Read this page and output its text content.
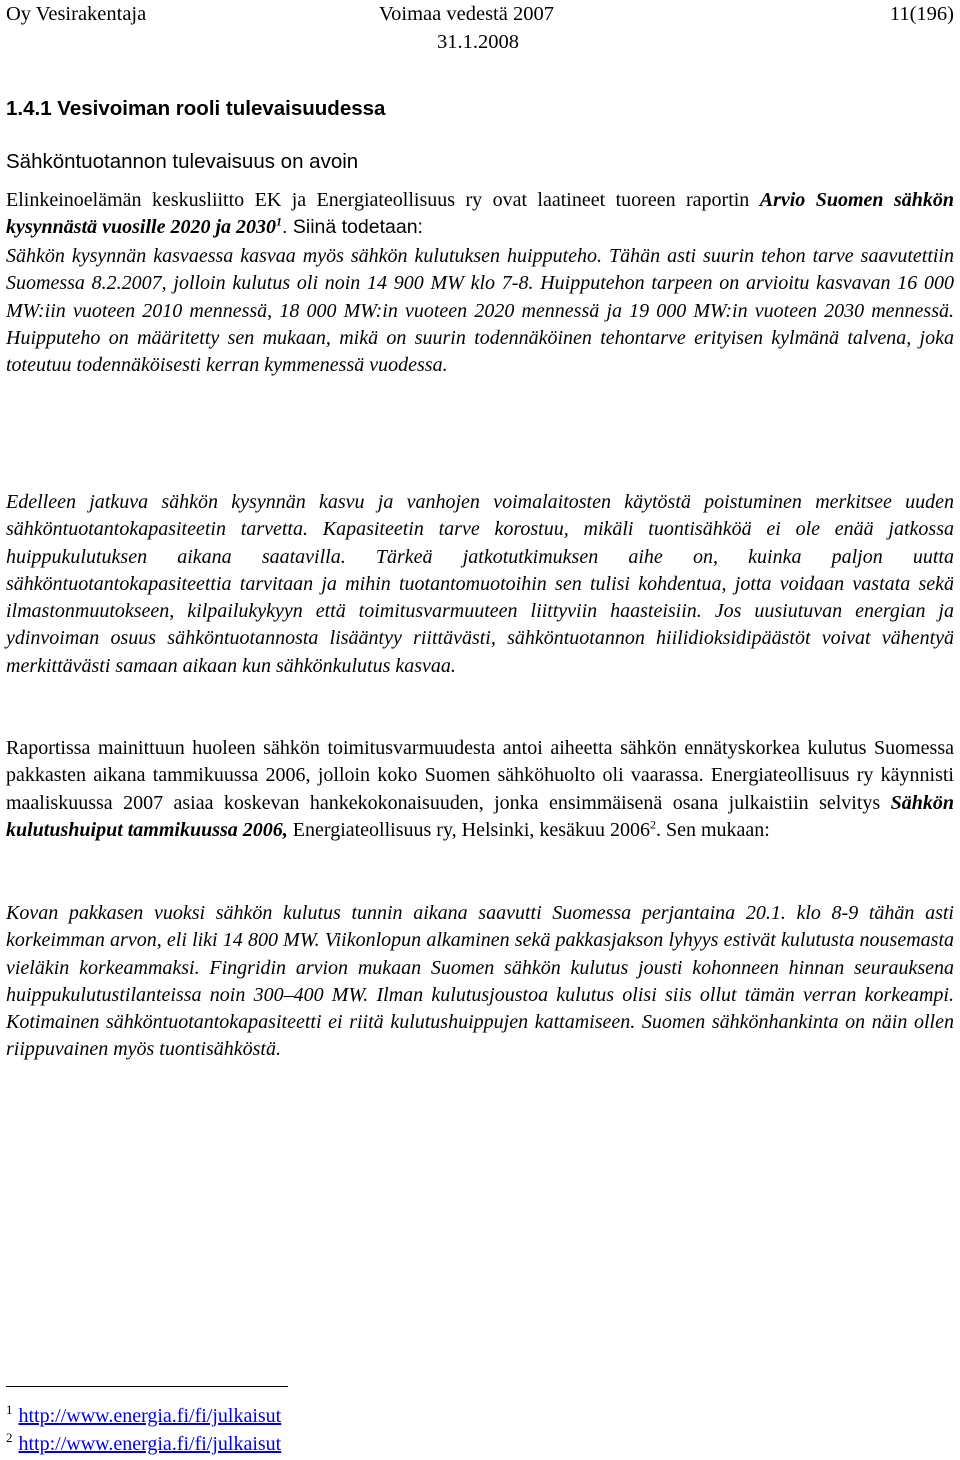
Oy Vesirakentaja	Voimaa vedestä 2007	11(196)
31.1.2008
1.4.1 Vesivoiman rooli tulevaisuudessa
Sähköntuotannon tulevaisuus on avoin

Elinkeinoelämän keskusliitto EK ja Energiateollisuus ry ovat laatineet tuoreen raportin Arvio Suomen sähkön kysynnästä vuosille 2020 ja 2030$^1$. Siinä todetaan:

Sähkön kysynnän kasvaessa kasvaa myös sähkön kulutuksen huipputeho. Tähän asti suurin tehon tarve saavutettiin Suomessa 8.2.2007, jolloin kulutus oli noin 14 900 MW klo 7-8. Huipputehon tarpeen on arvioitu kasvavan 16 000 MW:iin vuoteen 2010 mennessä, 18 000 MW:in vuoteen 2020 mennessä ja 19 000 MW:in vuoteen 2030 mennessä. Huipputeho on määritetty sen mukaan, mikä on suurin todennäköinen tehontarve erityisen kylmänä talvena, joka toteutuu todennäköisesti kerran kymmenessä vuodessa.

Edelleen jatkuva sähkön kysynnän kasvu ja vanhojen voimalaitosten käytöstä poistuminen merkitsee uuden sähköntuotantokapasiteetin tarvetta. Kapasiteetin tarve korostuu, mikäli tuontisähköä ei ole enää jatkossa huippukulutuksen aikana saatavilla. Tärkeä jatkotutkimuksen aihe on, kuinka paljon uutta sähköntuotantokapasiteettia tarvitaan ja mihin tuotantomuotoihin sen tulisi kohdentua, jotta voidaan vastata sekä ilmastonmuutokseen, kilpailukykyyn että toimitusvarmuuteen liittyviin haasteisiin. Jos uusiutuvan energian ja ydinvoiman osuus sähköntuotannosta lisääntyy riittävästi, sähköntuotannon hiilidioksidipäästöt voivat vähentyä merkittävästi samaan aikaan kun sähkönkulutus kasvaa.

Raportissa mainittuun huoleen sähkön toimitusvarmuudesta antoi aiheetta sähkön ennätyskorkea kulutus Suomessa pakkasten aikana tammikuussa 2006, jolloin koko Suomen sähköhuolto oli vaarassa. Energiateollisuus ry käynnisti maaliskuussa 2007 asiaa koskevan hankekokonaisuuden, jonka ensimmäisenä osana julkaistiin selvitys Sähkön kulutushuiput tammikuussa 2006, Energiateollisuus ry, Helsinki, kesäkuu 2006$^2$. Sen mukaan:

Kovan pakkasen vuoksi sähkön kulutus tunnin aikana saavutti Suomessa perjantaina 20.1. klo 8-9 tähän asti korkeimman arvon, eli liki 14 800 MW. Viikonlopun alkaminen sekä pakkasjakson lyhyys estivät kulutusta nousemasta vieläkin korkeammaksi. Fingridin arvion mukaan Suomen sähkön kulutus jousti kohonneen hinnan seurauksena huippukulutustilanteissa noin 300–400 MW. Ilman kulutusjoustoa kulutus olisi siis ollut tämän verran korkeampi. Kotimainen sähköntuotantokapasiteetti ei riitä kulutushuippujen kattamiseen. Suomen sähkönhankinta on näin ollen riippuvainen myös tuontisähköstä.

$^1$ http://www.energia.fi/fi/julkaisut
$^2$ http://www.energia.fi/fi/julkaisut
